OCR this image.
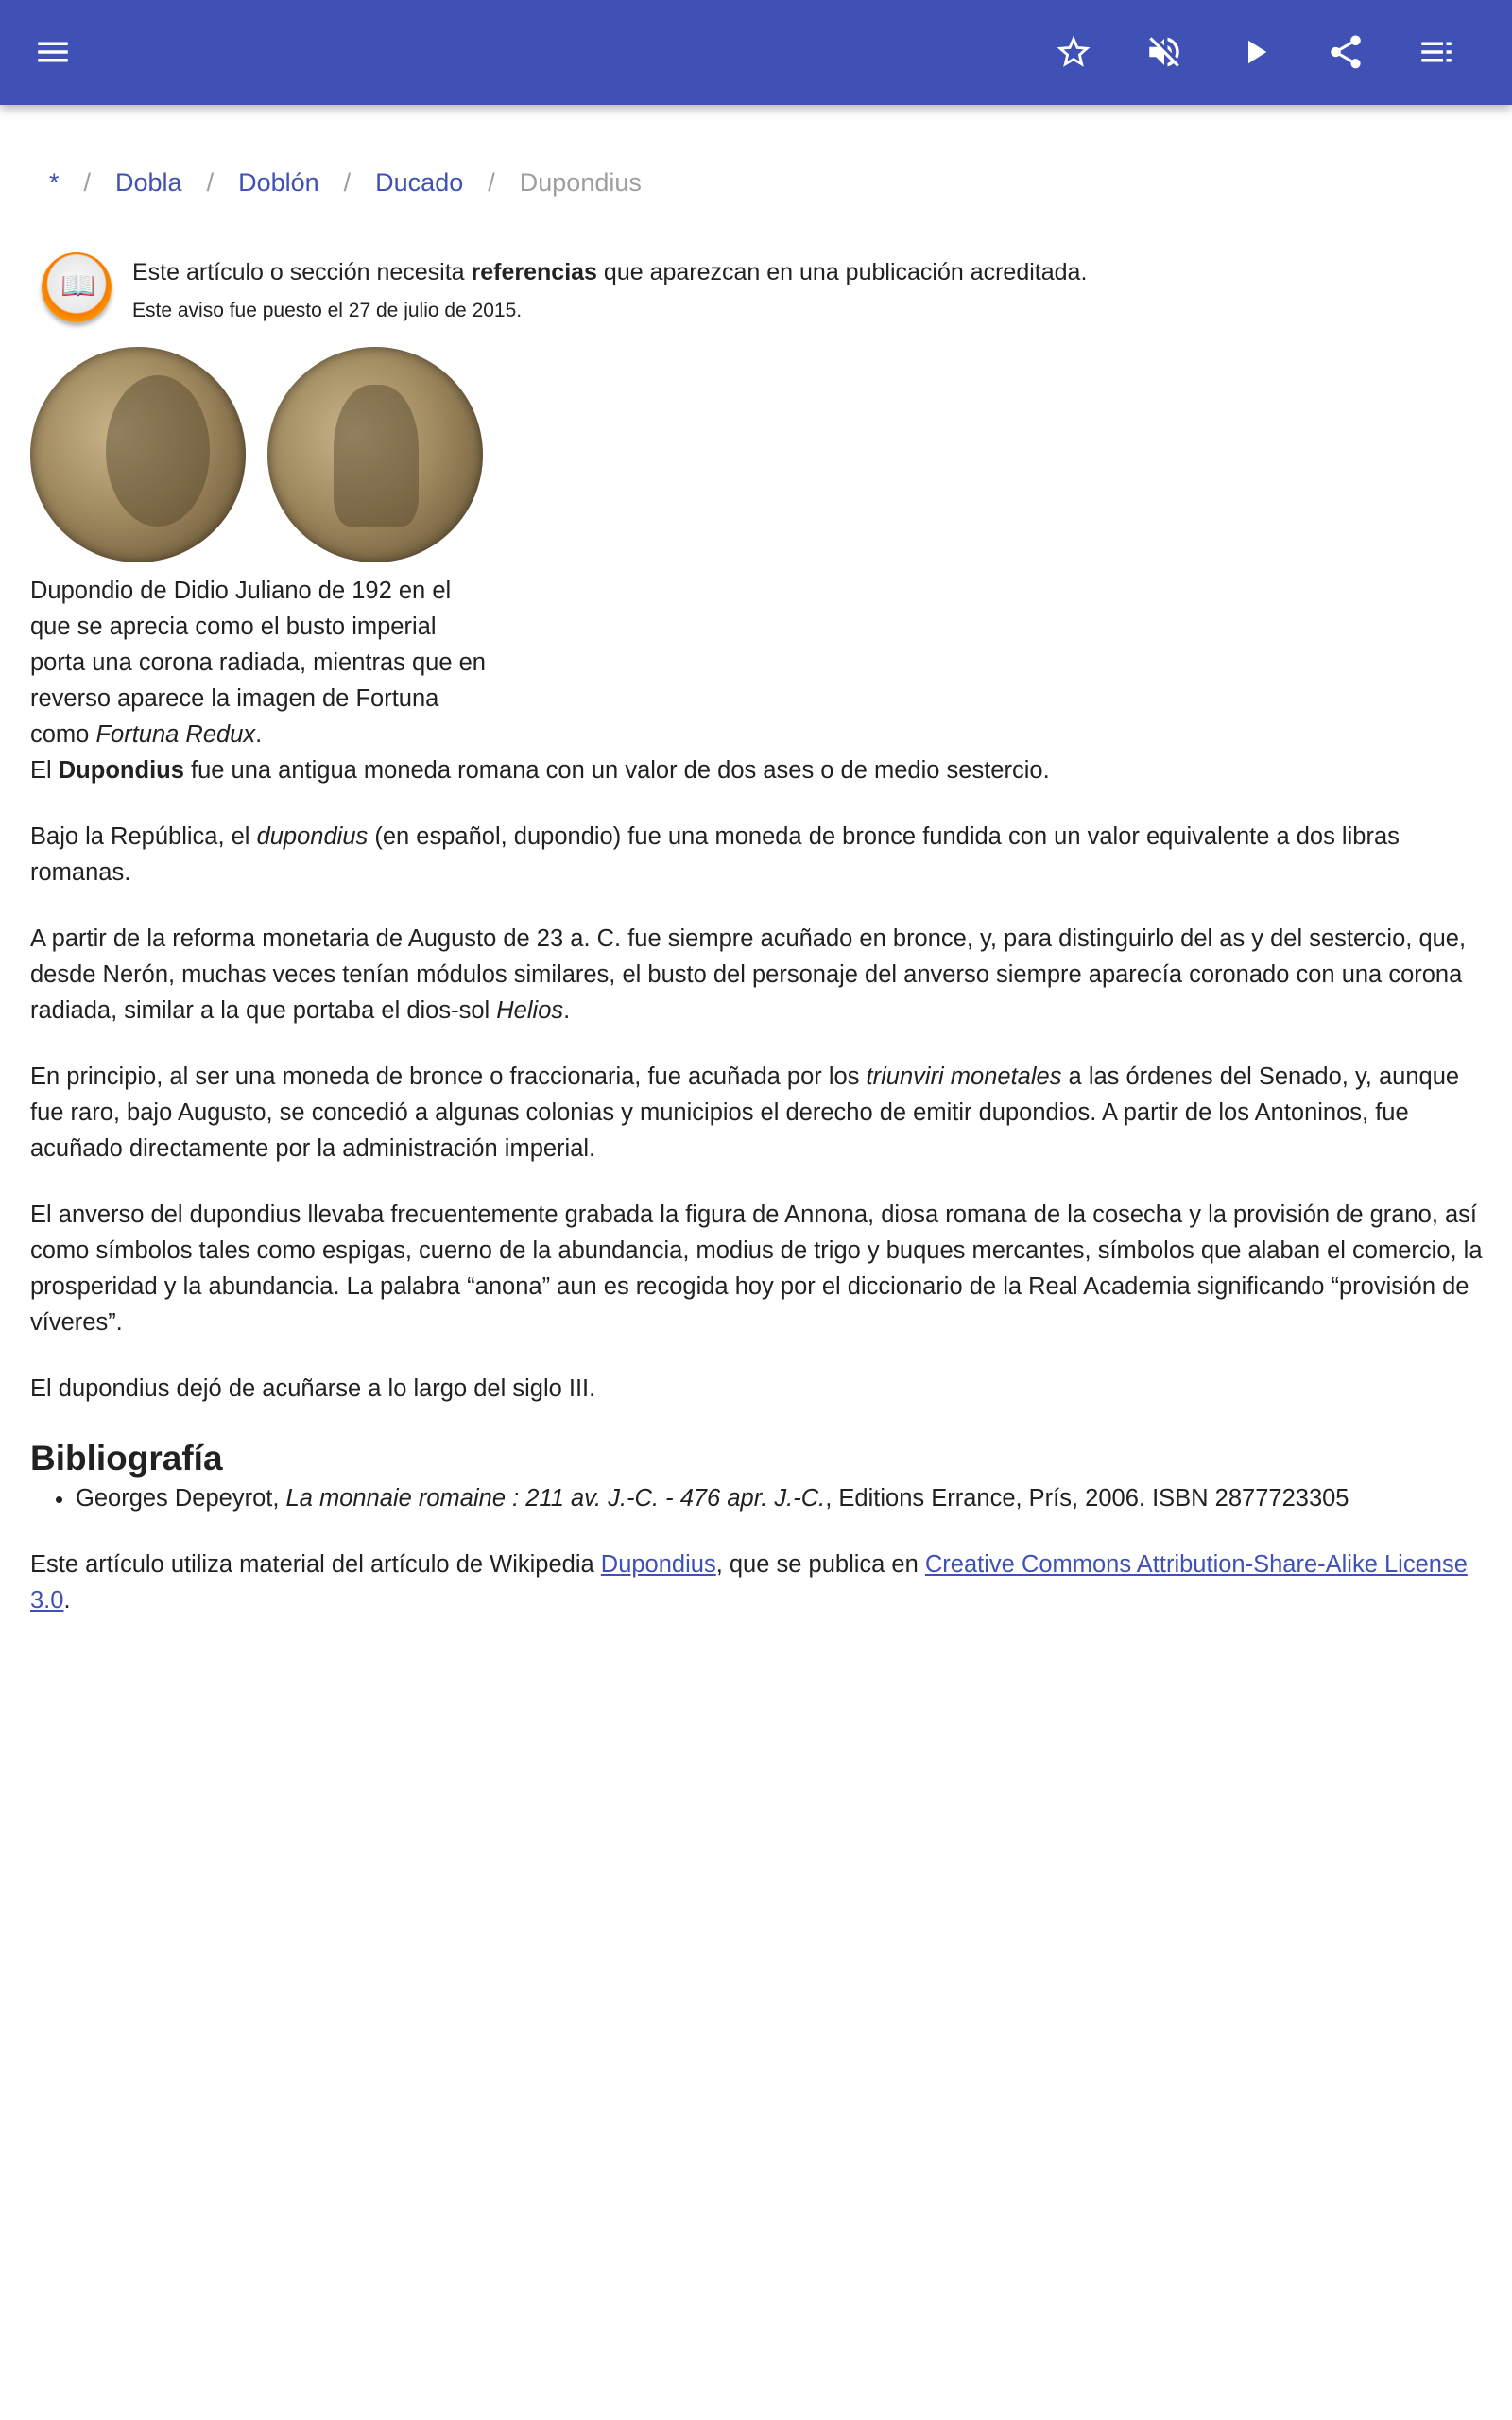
* / Dobla / Doblón / Ducado / Dupondius
📖 Este artículo o sección necesita referencias que aparezcan en una publicación acreditada.
Este aviso fue puesto el 27 de julio de 2015.
Dupondio de Didio Juliano de 192 en el que se aprecia como el busto imperial porta una corona radiada, mientras que en reverso aparece la imagen de Fortuna como Fortuna Redux.

El Dupondius fue una antigua moneda romana con un valor de dos ases o de medio sestercio.

Bajo la República, el dupondius (en español, dupondio) fue una moneda de bronce fundida con un valor equivalente a dos libras romanas.

A partir de la reforma monetaria de Augusto de 23 a. C. fue siempre acuñado en bronce, y, para distinguirlo del as y del sestercio, que, desde Nerón, muchas veces tenían módulos similares, el busto del personaje del anverso siempre aparecía coronado con una corona radiada, similar a la que portaba el dios-sol Helios.

En principio, al ser una moneda de bronce o fraccionaria, fue acuñada por los triunviri monetales a las órdenes del Senado, y, aunque fue raro, bajo Augusto, se concedió a algunas colonias y municipios el derecho de emitir dupondios. A partir de los Antoninos, fue acuñado directamente por la administración imperial.

El anverso del dupondius llevaba frecuentemente grabada la figura de Annona, diosa romana de la cosecha y la provisión de grano, así como símbolos tales como espigas, cuerno de la abundancia, modius de trigo y buques mercantes, símbolos que alaban el comercio, la prosperidad y la abundancia. La palabra “anona” aun es recogida hoy por el diccionario de la Real Academia significando “provisión de víveres”.

El dupondius dejó de acuñarse a lo largo del siglo III.

Bibliografía
• Georges Depeyrot, La monnaie romaine : 211 av. J.-C. - 476 apr. J.-C., Editions Errance, Prís, 2006. ISBN 2877723305

Este artículo utiliza material del artículo de Wikipedia Dupondius, que se publica en Creative Commons Attribution-Share-Alike License 3.0.
